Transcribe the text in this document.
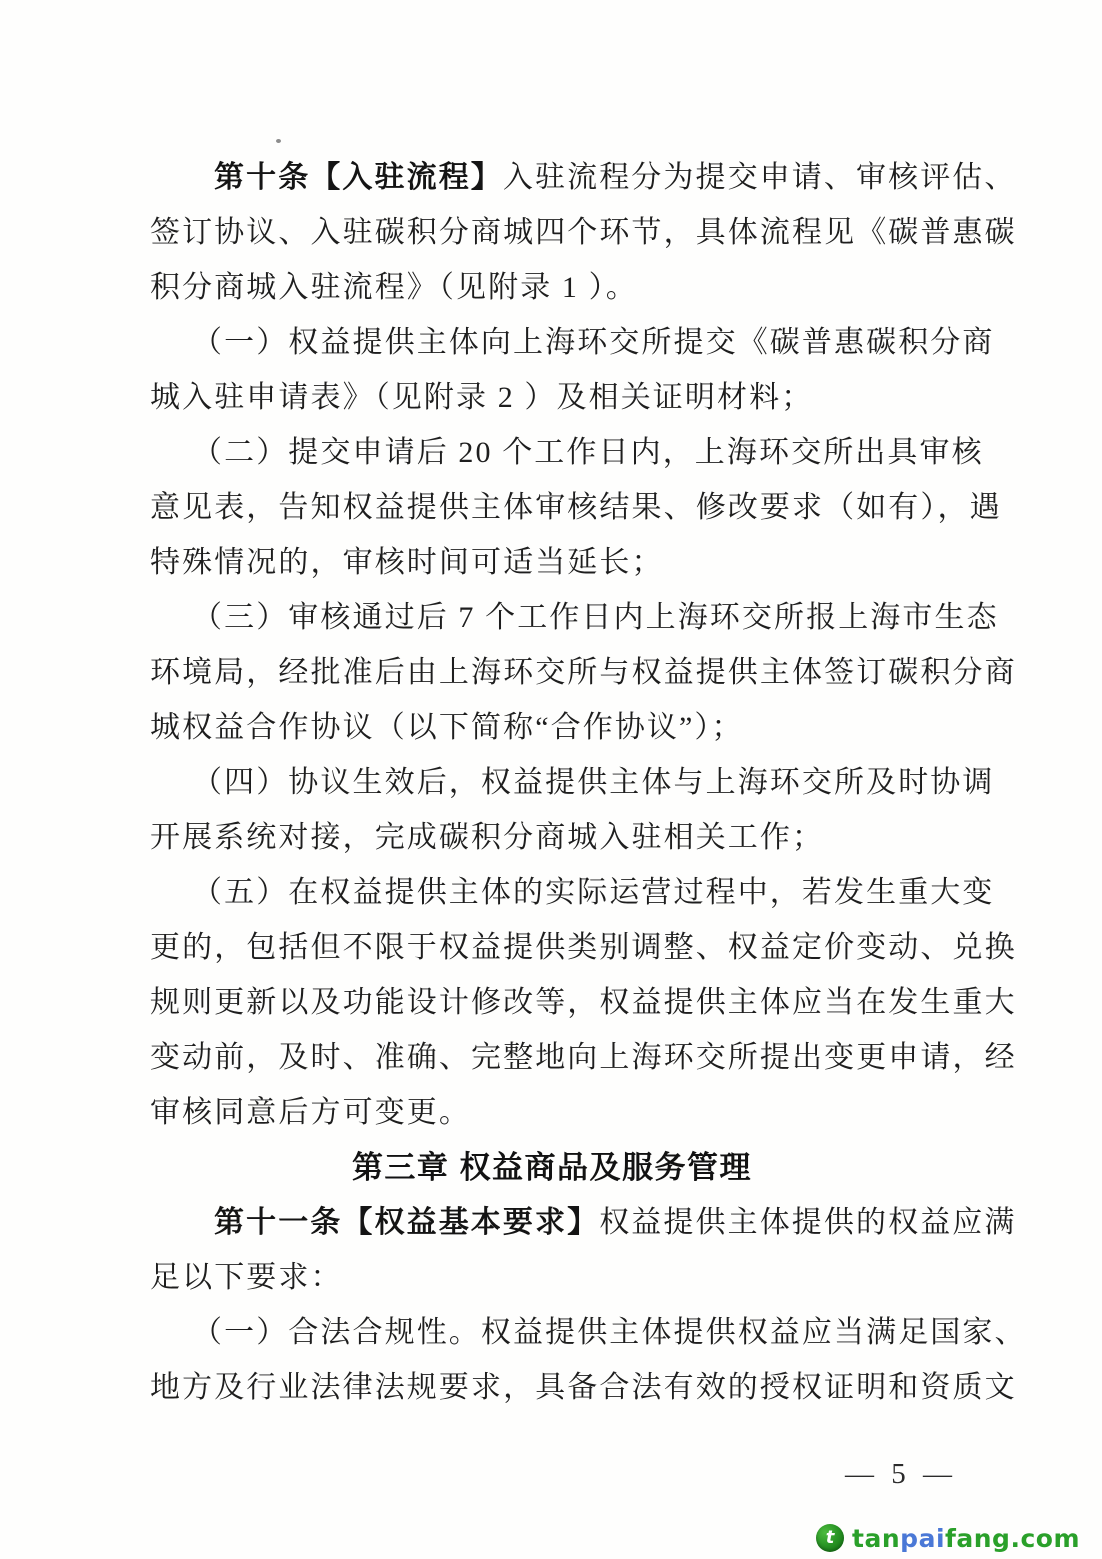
第十条【入驻流程】入驻流程分为提交申请、审核评估、
签订协议、入驻碳积分商城四个环节，具体流程见《碳普惠碳
积分商城入驻流程》（见附录 1 ）。
（一）权益提供主体向上海环交所提交《碳普惠碳积分商
城入驻申请表》（见附录 2 ）及相关证明材料；
（二）提交申请后 20 个工作日内，上海环交所出具审核
意见表，告知权益提供主体审核结果、修改要求（如有），遇
特殊情况的，审核时间可适当延长；
（三）审核通过后 7 个工作日内上海环交所报上海市生态
环境局，经批准后由上海环交所与权益提供主体签订碳积分商
城权益合作协议（以下简称“合作协议”）；
（四）协议生效后，权益提供主体与上海环交所及时协调
开展系统对接，完成碳积分商城入驻相关工作；
（五）在权益提供主体的实际运营过程中，若发生重大变
更的，包括但不限于权益提供类别调整、权益定价变动、兑换
规则更新以及功能设计修改等，权益提供主体应当在发生重大
变动前，及时、准确、完整地向上海环交所提出变更申请，经
审核同意后方可变更。
第三章 权益商品及服务管理
第十一条【权益基本要求】权益提供主体提供的权益应满
足以下要求：
（一）合法合规性。权益提供主体提供权益应当满足国家、
地方及行业法律法规要求，具备合法有效的授权证明和资质文
— 5 —
t tanpaifang.com
